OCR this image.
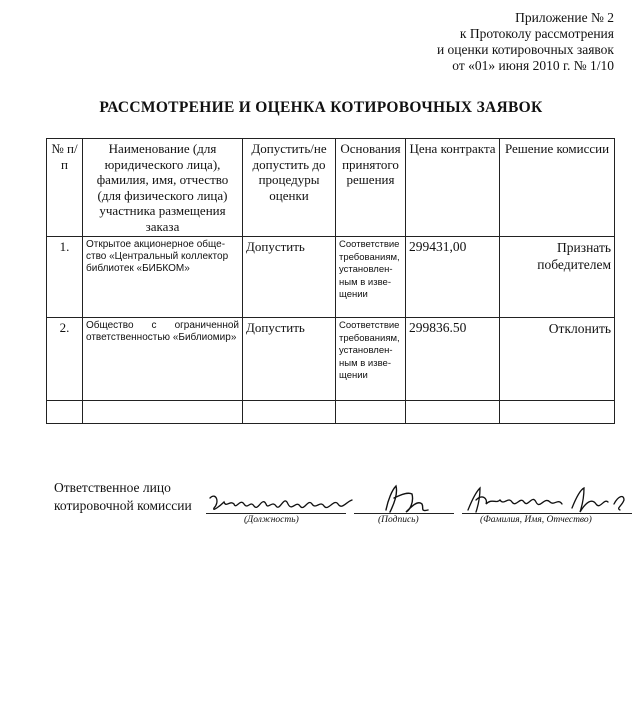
Приложение № 2
к Протоколу рассмотрения
и оценки котировочных заявок
от «01» июня 2010 г. № 1/10
РАССМОТРЕНИЕ И ОЦЕНКА КОТИРОВОЧНЫХ ЗАЯВОК
№ п/п	Наименование (для юридического лица), фамилия, имя, отчество (для физического лица) участника размещения заказа	Допустить/не допустить до процедуры оценки	Основания принятого решения	Цена контракта	Решение комиссии
1.	Открытое акционерное общество «Центральный коллектор библиотек «БИБКОМ»	Допустить	Соответствие требованиям, установленным в извещении	299431,00	Признать победителем
2.	Общество с ограниченной ответственностью «Библиомир»	Допустить	Соответствие требованиям, установленным в извещении	299836.50	Отклонить

Ответственное лицо
котировочной комиссии
(Должность)	(Подпись)	(Фамилия, Имя, Отчество)
